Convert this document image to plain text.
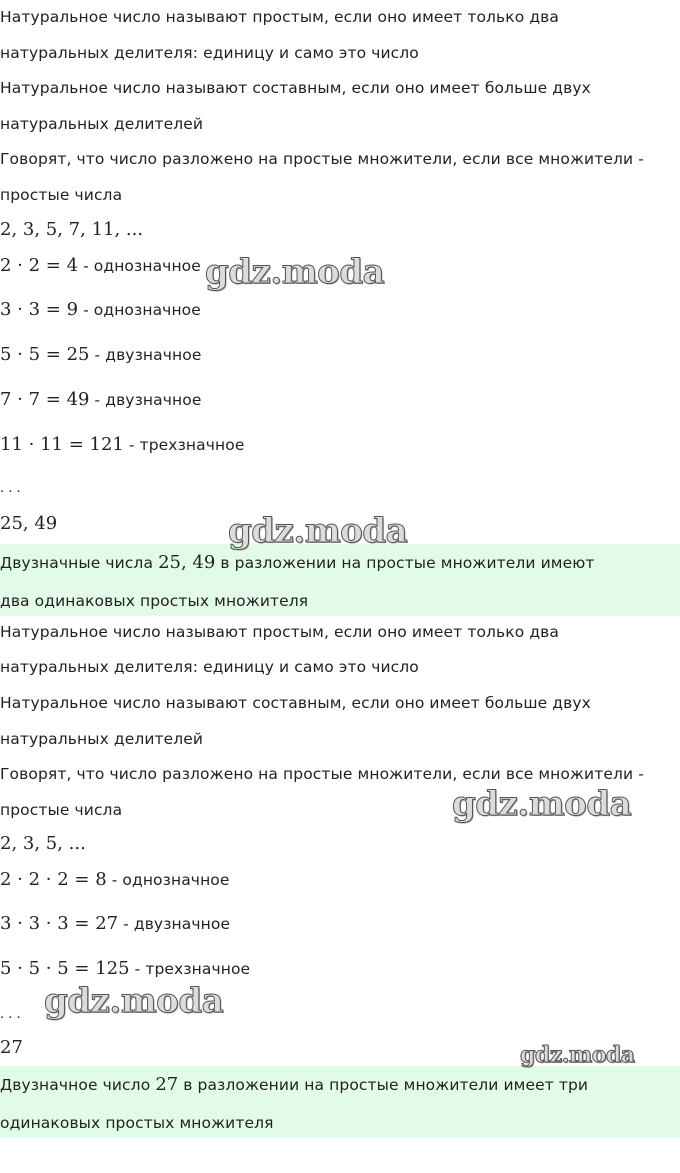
Натуральное число называют простым, если оно имеет только два
натуральных делителя: единицу и само это число
Натуральное число называют составным, если оно имеет больше двух
натуральных делителей
Говорят, что число разложено на простые множители, если все множители -
простые числа
2, 3, 5, 7, 11, ...
2 · 2 = 4 - однозначное
3 · 3 = 9 - однозначное
5 · 5 = 25 - двузначное
7 · 7 = 49 - двузначное
11 · 11 = 121 - трехзначное
. . .
25, 49
Двузначные числа 25, 49 в разложении на простые множители имеют
два одинаковых простых множителя
Натуральное число называют простым, если оно имеет только два
натуральных делителя: единицу и само это число
Натуральное число называют составным, если оно имеет больше двух
натуральных делителей
Говорят, что число разложено на простые множители, если все множители -
простые числа
2, 3, 5, ...
2 · 2 · 2 = 8 - однозначное
3 · 3 · 3 = 27 - двузначное
5 · 5 · 5 = 125 - трехзначное
. . .
27
Двузначное число 27 в разложении на простые множители имеет три
одинаковых простых множителя
gdz.moda
gdz.moda
gdz.moda
gdz.moda
gdz.moda
